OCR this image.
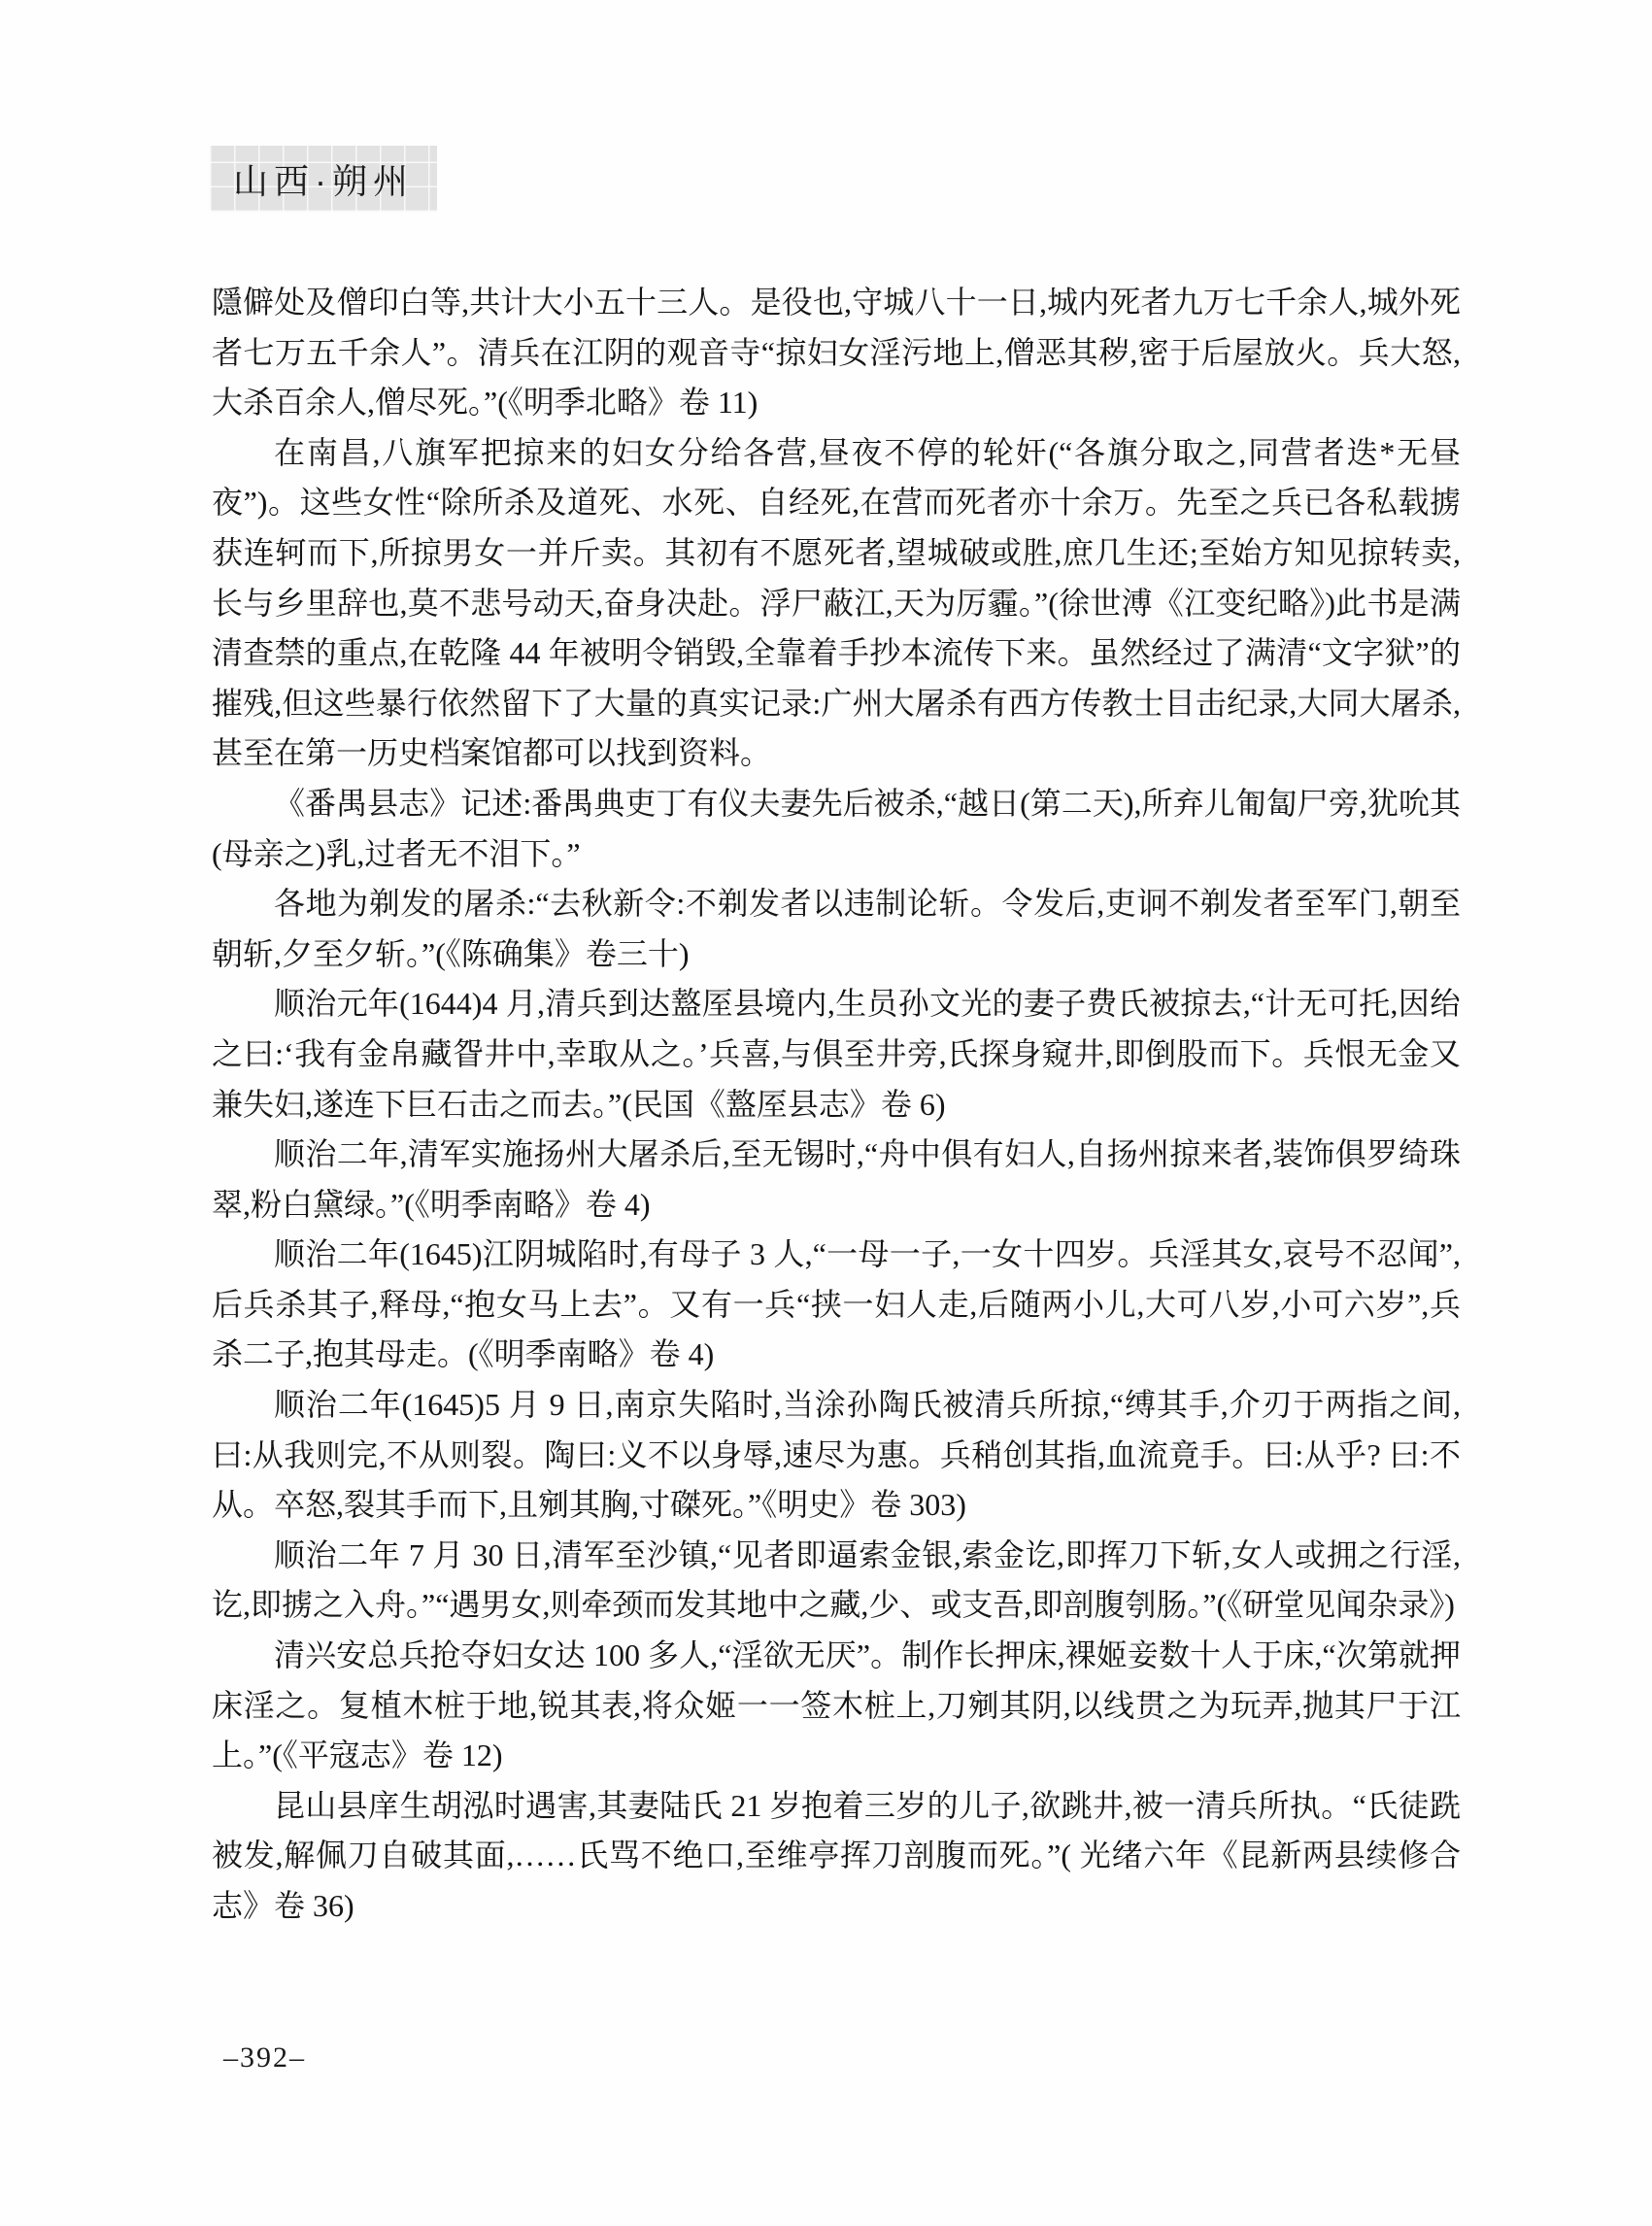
山西·朔州

隱僻处及僧印白等,共计大小五十三人。是役也,守城八十一日,城内死者九万七千余人,城外死者七万五千余人”。清兵在江阴的观音寺“掠妇女淫污地上,僧恶其秽,密于后屋放火。兵大怒,大杀百余人,僧尽死。”(《明季北略》卷 11)

在南昌,八旗军把掠来的妇女分给各营,昼夜不停的轮奸(“各旗分取之,同营者迭*无昼夜”)。这些女性“除所杀及道死、水死、自经死,在营而死者亦十余万。先至之兵已各私载掳获连轲而下,所掠男女一并斤卖。其初有不愿死者,望城破或胜,庶几生还;至始方知见掠转卖,长与乡里辞也,莫不悲号动天,奋身决赴。浮尸蔽江,天为厉霾。”(徐世溥《江变纪略》)此书是满清查禁的重点,在乾隆 44 年被明令销毁,全靠着手抄本流传下来。虽然经过了满清“文字狱”的摧残,但这些暴行依然留下了大量的真实记录:广州大屠杀有西方传教士目击纪录,大同大屠杀,甚至在第一历史档案馆都可以找到资料。

《番禺县志》记述:番禺典吏丁有仪夫妻先后被杀,“越日(第二天),所弃儿匍匐尸旁,犹吮其(母亲之)乳,过者无不泪下。”

各地为剃发的屠杀:“去秋新令:不剃发者以违制论斩。令发后,吏诇不剃发者至军门,朝至朝斩,夕至夕斩。”(《陈确集》卷三十)

顺治元年(1644)4 月,清兵到达盩厔县境内,生员孙文光的妻子费氏被掠去,“计无可托,因绐之曰:‘我有金帛藏眢井中,幸取从之。’兵喜,与俱至井旁,氏探身窥井,即倒股而下。兵恨无金又兼失妇,遂连下巨石击之而去。”(民国《盩厔县志》卷 6)

顺治二年,清军实施扬州大屠杀后,至无锡时,“舟中俱有妇人,自扬州掠来者,装饰俱罗绮珠翠,粉白黛绿。”(《明季南略》卷 4)

顺治二年(1645)江阴城陷时,有母子 3 人,“一母一子,一女十四岁。兵淫其女,哀号不忍闻”,后兵杀其子,释母,“抱女马上去”。又有一兵“挟一妇人走,后随两小儿,大可八岁,小可六岁”,兵杀二子,抱其母走。(《明季南略》卷 4)

顺治二年(1645)5 月 9 日,南京失陷时,当涂孙陶氏被清兵所掠,“缚其手,介刃于两指之间,曰:从我则完,不从则裂。陶曰:义不以身辱,速尽为惠。兵稍创其指,血流竟手。曰:从乎? 曰:不从。卒怒,裂其手而下,且剜其胸,寸磔死。”《明史》卷 303)

顺治二年 7 月 30 日,清军至沙镇,“见者即逼索金银,索金讫,即挥刀下斩,女人或拥之行淫,讫,即掳之入舟。”“遇男女,则牵颈而发其地中之藏,少、或支吾,即剖腹刳肠。”(《研堂见闻杂录》)

清兴安总兵抢夺妇女达 100 多人,“淫欲无厌”。制作长押床,裸姬妾数十人于床,“次第就押床淫之。复植木桩于地,锐其表,将众姬一一签木桩上,刀剜其阴,以线贯之为玩弄,抛其尸于江上。”(《平寇志》卷 12)

昆山县庠生胡泓时遇害,其妻陆氏 21 岁抱着三岁的儿子,欲跳井,被一清兵所执。“氏徒跣被发,解佩刀自破其面,……氏骂不绝口,至维亭挥刀剖腹而死。”( 光绪六年《昆新两县续修合志》卷 36)

–392–
